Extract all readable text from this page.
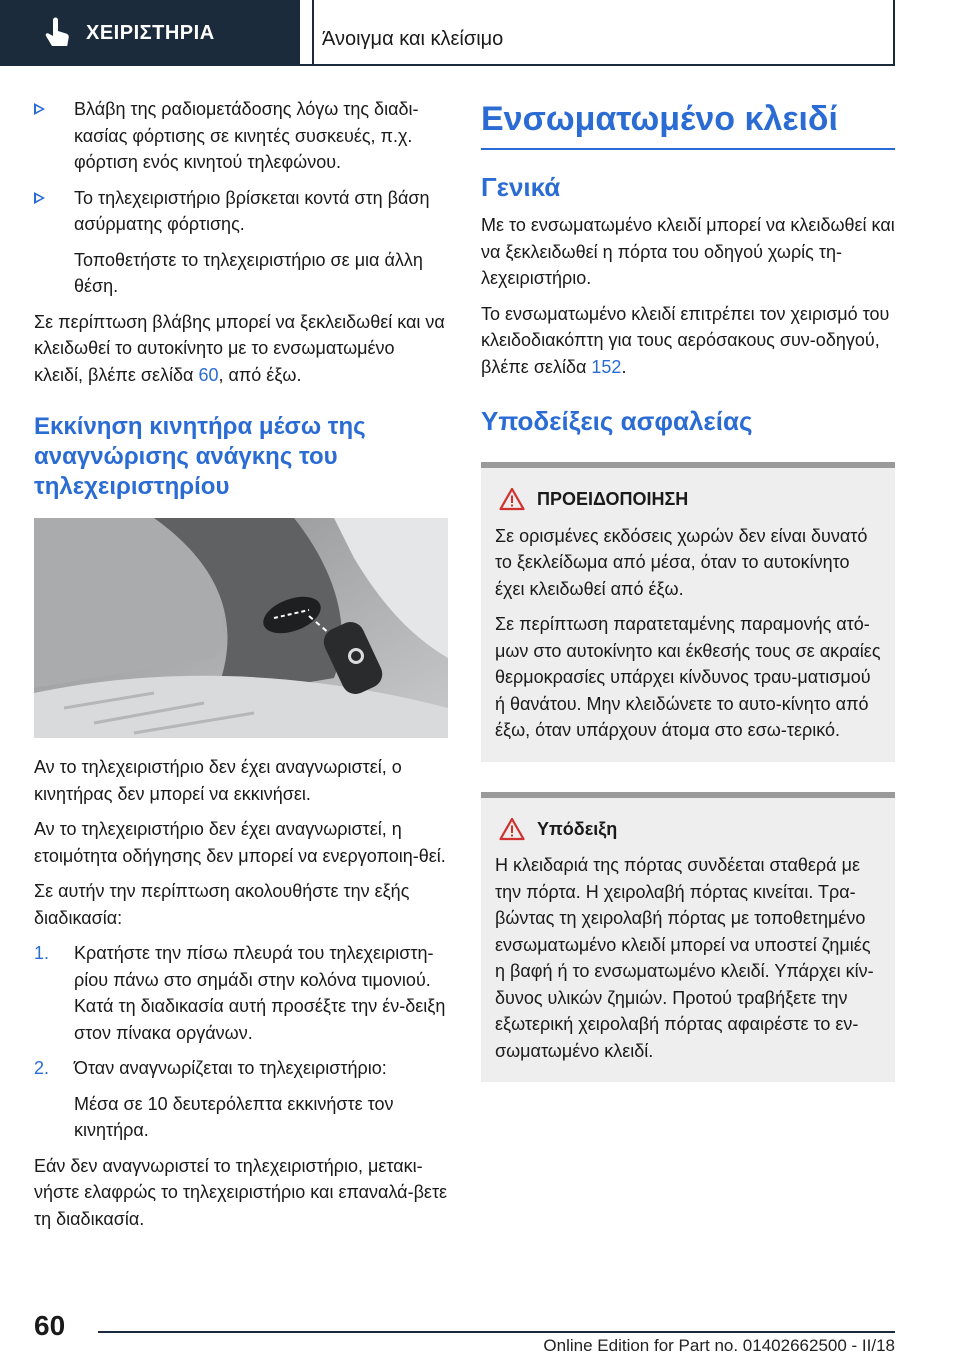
ΧΕΙΡΙΣΤΗΡΙΑ	Άνοιγμα και κλείσιμο
Βλάβη της ραδιομετάδοσης λόγω της διαδι‐κασίας φόρτισης σε κινητές συσκευές, π.χ. φόρτιση ενός κινητού τηλεφώνου.
Το τηλεχειριστήριο βρίσκεται κοντά στη βάση ασύρματης φόρτισης.
Τοποθετήστε το τηλεχειριστήριο σε μια άλλη θέση.

Σε περίπτωση βλάβης μπορεί να ξεκλειδωθεί και να κλειδωθεί το αυτοκίνητο με το ενσωματωμένο κλειδί, βλέπε σελίδα 60, από έξω.

Εκκίνηση κινητήρα μέσω της αναγνώρισης ανάγκης του τηλεχειριστηρίου

Αν το τηλεχειριστήριο δεν έχει αναγνωριστεί, ο κινητήρας δεν μπορεί να εκκινήσει.

Αν το τηλεχειριστήριο δεν έχει αναγνωριστεί, η ετοιμότητα οδήγησης δεν μπορεί να ενεργοποιη‐θεί.

Σε αυτήν την περίπτωση ακολουθήστε την εξής διαδικασία:

1. Κρατήστε την πίσω πλευρά του τηλεχειριστη‐ρίου πάνω στο σημάδι στην κολόνα τιμονιού. Κατά τη διαδικασία αυτή προσέξτε την έν‐δειξη στον πίνακα οργάνων.
2. Όταν αναγνωρίζεται το τηλεχειριστήριο:
Μέσα σε 10 δευτερόλεπτα εκκινήστε τον κινητήρα.

Εάν δεν αναγνωριστεί το τηλεχειριστήριο, μετακι‐νήστε ελαφρώς το τηλεχειριστήριο και επαναλά‐βετε τη διαδικασία.

Ενσωματωμένο κλειδί
Γενικά

Με το ενσωματωμένο κλειδί μπορεί να κλειδωθεί και να ξεκλειδωθεί η πόρτα του οδηγού χωρίς τη‐λεχειριστήριο.

Το ενσωματωμένο κλειδί επιτρέπει τον χειρισμό του κλειδοδιακόπτη για τους αερόσακους συν‐οδηγού, βλέπε σελίδα 152.

Υποδείξεις ασφαλείας
ΠΡΟΕΙΔΟΠΟΙΗΣΗ

Σε ορισμένες εκδόσεις χωρών δεν είναι δυνατό το ξεκλείδωμα από μέσα, όταν το αυτοκίνητο έχει κλειδωθεί από έξω.

Σε περίπτωση παρατεταμένης παραμονής ατό‐μων στο αυτοκίνητο και έκθεσής τους σε ακραίες θερμοκρασίες υπάρχει κίνδυνος τραυ‐ματισμού ή θανάτου. Μην κλειδώνετε το αυτο‐κίνητο από έξω, όταν υπάρχουν άτομα στο εσω‐τερικό.

Υπόδειξη

Η κλειδαριά της πόρτας συνδέεται σταθερά με την πόρτα. Η χειρολαβή πόρτας κινείται. Τρα‐βώντας τη χειρολαβή πόρτας με τοποθετημένο ενσωματωμένο κλειδί μπορεί να υποστεί ζημιές η βαφή ή το ενσωματωμένο κλειδί. Υπάρχει κίν‐δυνος υλικών ζημιών. Προτού τραβήξετε την εξωτερική χειρολαβή πόρτας αφαιρέστε το εν‐σωματωμένο κλειδί.

60
Online Edition for Part no. 01402662500 - II/18
